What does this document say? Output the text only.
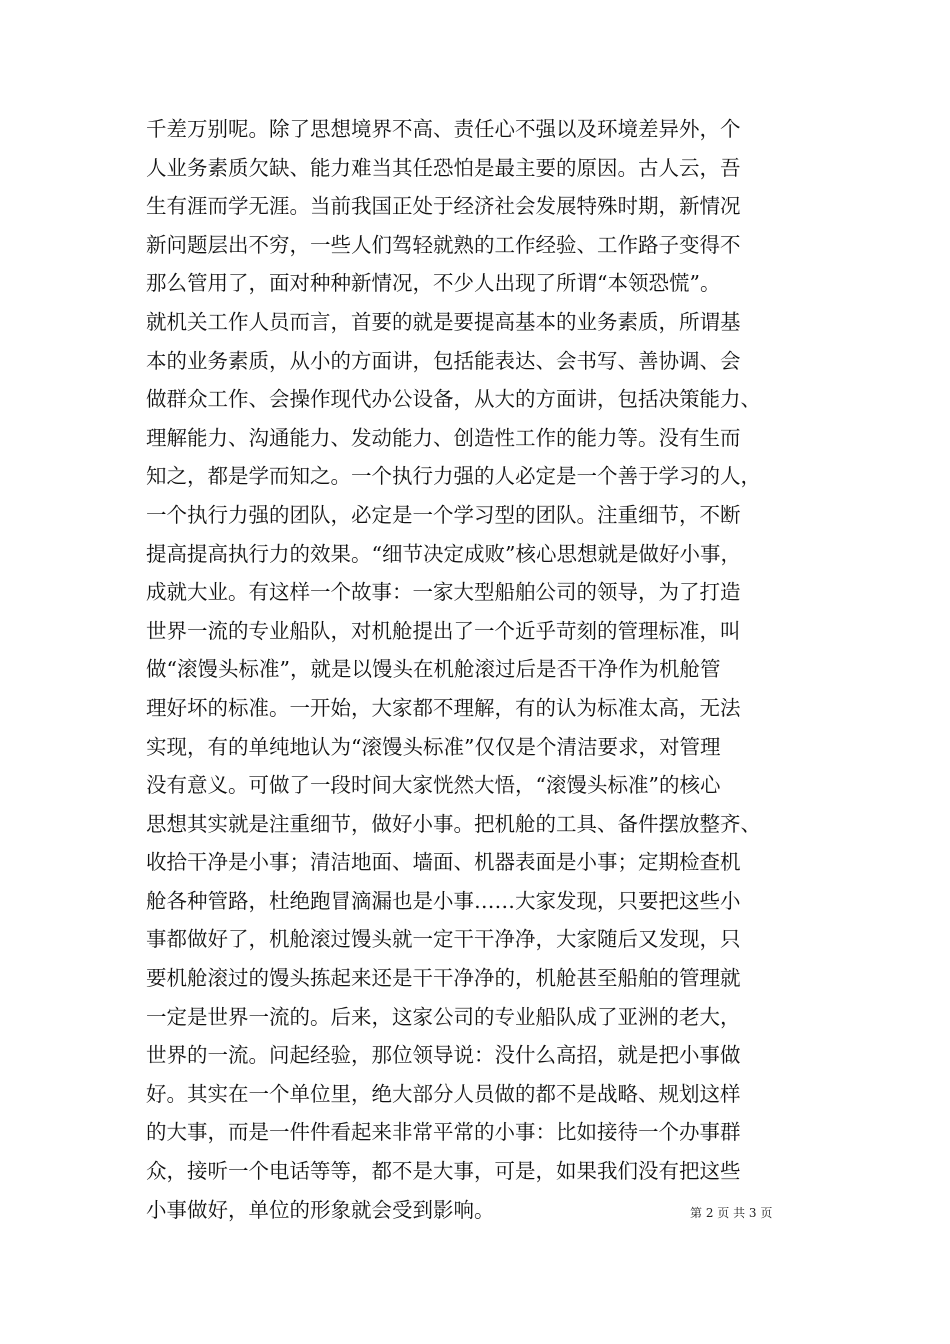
千差万别呢。除了思想境界不高、责任心不强以及环境差异外，个
人业务素质欠缺、能力难当其任恐怕是最主要的原因。古人云，吾
生有涯而学无涯。当前我国正处于经济社会发展特殊时期，新情况
新问题层出不穷，一些人们驾轻就熟的工作经验、工作路子变得不
那么管用了，面对种种新情况，不少人出现了所谓“本领恐慌”。
就机关工作人员而言，首要的就是要提高基本的业务素质，所谓基
本的业务素质，从小的方面讲，包括能表达、会书写、善协调、会
做群众工作、会操作现代办公设备，从大的方面讲，包括决策能力、
理解能力、沟通能力、发动能力、创造性工作的能力等。没有生而
知之，都是学而知之。一个执行力强的人必定是一个善于学习的人，
一个执行力强的团队，必定是一个学习型的团队。注重细节，不断
提高提高执行力的效果。“细节决定成败”核心思想就是做好小事，
成就大业。有这样一个故事：一家大型船舶公司的领导，为了打造
世界一流的专业船队，对机舱提出了一个近乎苛刻的管理标准，叫
做“滚馒头标准”，就是以馒头在机舱滚过后是否干净作为机舱管
理好坏的标准。一开始，大家都不理解，有的认为标准太高，无法
实现，有的单纯地认为“滚馒头标准”仅仅是个清洁要求，对管理
没有意义。可做了一段时间大家恍然大悟，“滚馒头标准”的核心
思想其实就是注重细节，做好小事。把机舱的工具、备件摆放整齐、
收拾干净是小事；清洁地面、墙面、机器表面是小事；定期检查机
舱各种管路，杜绝跑冒滴漏也是小事……大家发现，只要把这些小
事都做好了，机舱滚过馒头就一定干干净净，大家随后又发现，只
要机舱滚过的馒头拣起来还是干干净净的，机舱甚至船舶的管理就
一定是世界一流的。后来，这家公司的专业船队成了亚洲的老大，
世界的一流。问起经验，那位领导说：没什么高招，就是把小事做
好。其实在一个单位里，绝大部分人员做的都不是战略、规划这样
的大事，而是一件件看起来非常平常的小事：比如接待一个办事群
众，接听一个电话等等，都不是大事，可是，如果我们没有把这些
小事做好，单位的形象就会受到影响。	第 2 页 共 3 页
